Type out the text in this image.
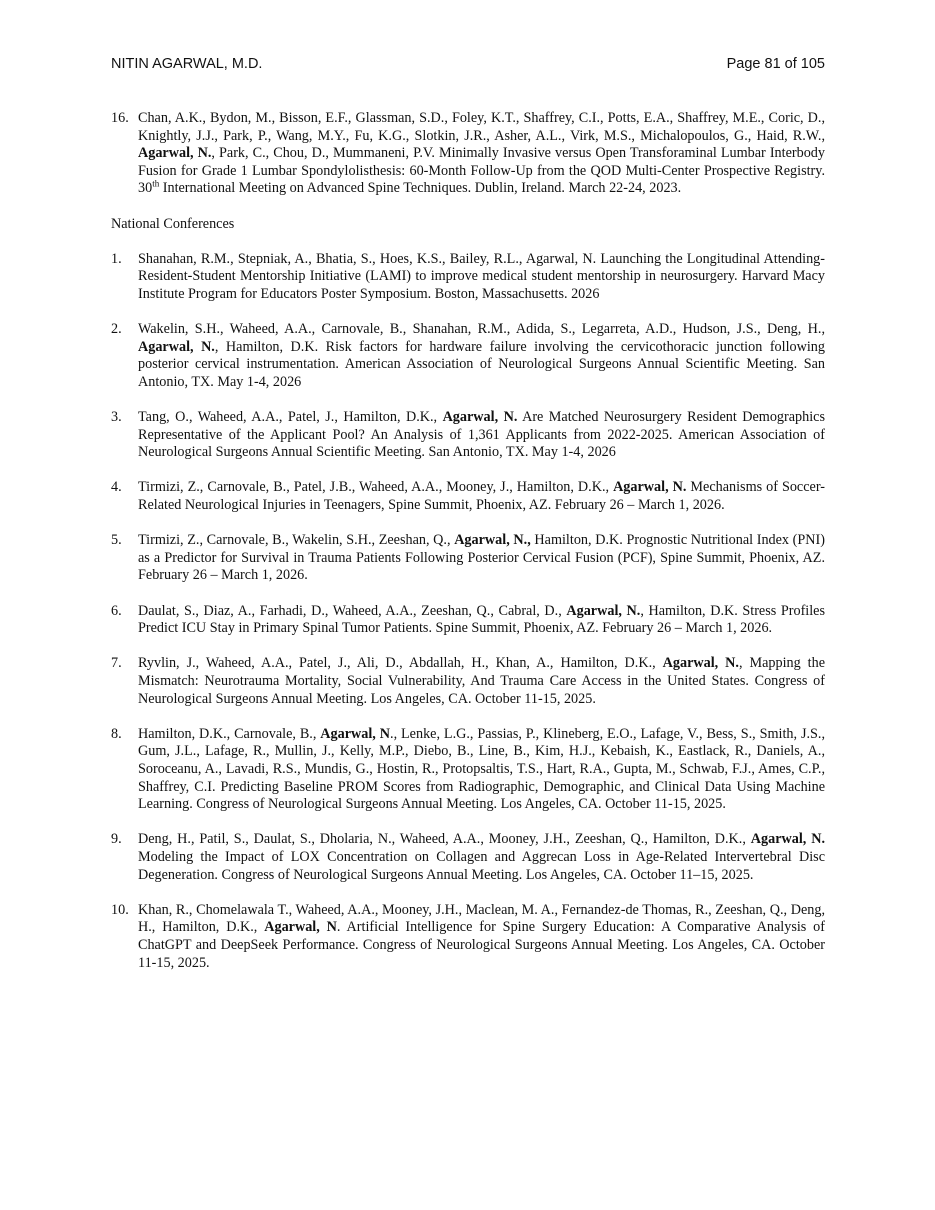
NITIN AGARWAL, M.D.	Page 81 of 105
16. Chan, A.K., Bydon, M., Bisson, E.F., Glassman, S.D., Foley, K.T., Shaffrey, C.I., Potts, E.A., Shaffrey, M.E., Coric, D., Knightly, J.J., Park, P., Wang, M.Y., Fu, K.G., Slotkin, J.R., Asher, A.L., Virk, M.S., Michalopoulos, G., Haid, R.W., Agarwal, N., Park, C., Chou, D., Mummaneni, P.V. Minimally Invasive versus Open Transforaminal Lumbar Interbody Fusion for Grade 1 Lumbar Spondylolisthesis: 60-Month Follow-Up from the QOD Multi-Center Prospective Registry. 30th International Meeting on Advanced Spine Techniques. Dublin, Ireland. March 22-24, 2023.
National Conferences
1.	Shanahan, R.M., Stepniak, A., Bhatia, S., Hoes, K.S., Bailey, R.L., Agarwal, N. Launching the Longitudinal Attending-Resident-Student Mentorship Initiative (LAMI) to improve medical student mentorship in neurosurgery. Harvard Macy Institute Program for Educators Poster Symposium. Boston, Massachusetts. 2026
2.	Wakelin, S.H., Waheed, A.A., Carnovale, B., Shanahan, R.M., Adida, S., Legarreta, A.D., Hudson, J.S., Deng, H., Agarwal, N., Hamilton, D.K. Risk factors for hardware failure involving the cervicothoracic junction following posterior cervical instrumentation. American Association of Neurological Surgeons Annual Scientific Meeting. San Antonio, TX. May 1-4, 2026
3.	Tang, O., Waheed, A.A., Patel, J., Hamilton, D.K., Agarwal, N. Are Matched Neurosurgery Resident Demographics Representative of the Applicant Pool? An Analysis of 1,361 Applicants from 2022-2025. American Association of Neurological Surgeons Annual Scientific Meeting. San Antonio, TX. May 1-4, 2026
4.	Tirmizi, Z., Carnovale, B., Patel, J.B., Waheed, A.A., Mooney, J., Hamilton, D.K., Agarwal, N. Mechanisms of Soccer-Related Neurological Injuries in Teenagers, Spine Summit, Phoenix, AZ. February 26 – March 1, 2026.
5.	Tirmizi, Z., Carnovale, B., Wakelin, S.H., Zeeshan, Q., Agarwal, N., Hamilton, D.K. Prognostic Nutritional Index (PNI) as a Predictor for Survival in Trauma Patients Following Posterior Cervical Fusion (PCF), Spine Summit, Phoenix, AZ. February 26 – March 1, 2026.
6.	Daulat, S., Diaz, A., Farhadi, D., Waheed, A.A., Zeeshan, Q., Cabral, D., Agarwal, N., Hamilton, D.K. Stress Profiles Predict ICU Stay in Primary Spinal Tumor Patients. Spine Summit, Phoenix, AZ. February 26 – March 1, 2026.
7.	Ryvlin, J., Waheed, A.A., Patel, J., Ali, D., Abdallah, H., Khan, A., Hamilton, D.K., Agarwal, N., Mapping the Mismatch: Neurotrauma Mortality, Social Vulnerability, And Trauma Care Access in the United States. Congress of Neurological Surgeons Annual Meeting. Los Angeles, CA. October 11-15, 2025.
8.	Hamilton, D.K., Carnovale, B., Agarwal, N., Lenke, L.G., Passias, P., Klineberg, E.O., Lafage, V., Bess, S., Smith, J.S., Gum, J.L., Lafage, R., Mullin, J., Kelly, M.P., Diebo, B., Line, B., Kim, H.J., Kebaish, K., Eastlack, R., Daniels, A., Soroceanu, A., Lavadi, R.S., Mundis, G., Hostin, R., Protopsaltis, T.S., Hart, R.A., Gupta, M., Schwab, F.J., Ames, C.P., Shaffrey, C.I. Predicting Baseline PROM Scores from Radiographic, Demographic, and Clinical Data Using Machine Learning. Congress of Neurological Surgeons Annual Meeting. Los Angeles, CA. October 11-15, 2025.
9.	Deng, H., Patil, S., Daulat, S., Dholaria, N., Waheed, A.A., Mooney, J.H., Zeeshan, Q., Hamilton, D.K., Agarwal, N. Modeling the Impact of LOX Concentration on Collagen and Aggrecan Loss in Age-Related Intervertebral Disc Degeneration. Congress of Neurological Surgeons Annual Meeting. Los Angeles, CA. October 11–15, 2025.
10. Khan, R., Chomelawala T., Waheed, A.A., Mooney, J.H., Maclean, M. A., Fernandez-de Thomas, R., Zeeshan, Q., Deng, H., Hamilton, D.K., Agarwal, N. Artificial Intelligence for Spine Surgery Education: A Comparative Analysis of ChatGPT and DeepSeek Performance. Congress of Neurological Surgeons Annual Meeting. Los Angeles, CA. October 11-15, 2025.
